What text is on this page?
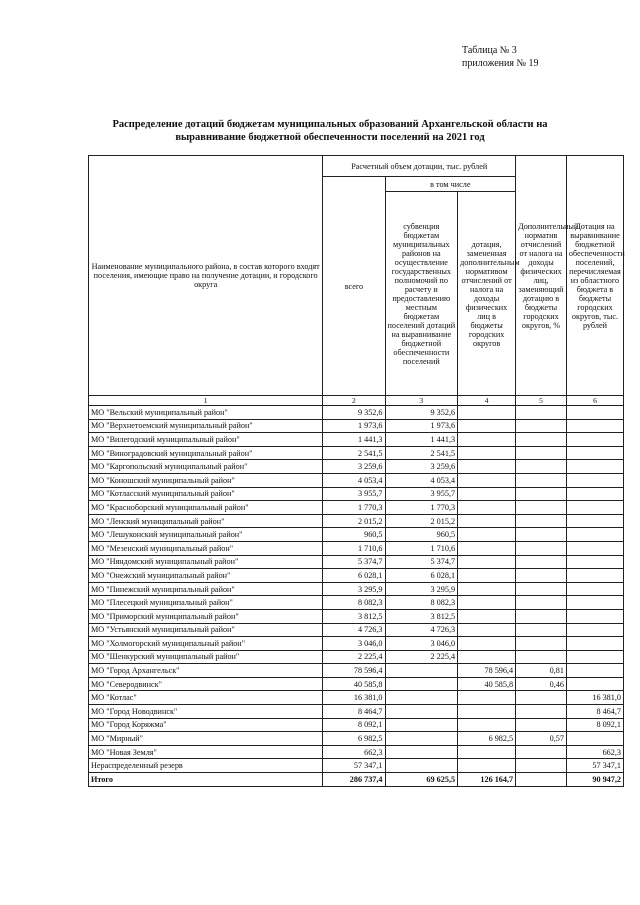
Таблица № 3
приложения № 19
Распределение дотаций бюджетам муниципальных образований Архангельской области на выравнивание бюджетной обеспеченности поселений на 2021 год
Наименование муниципального района, в состав которого входят поселения, имеющие право на получение дотации, и городского округа	Расчетный объем дотации, тыс. рублей			Дополнительный норматив отчислений от налога на доходы физических лиц, заменяющий дотацию в бюджеты городских округов, %	Дотация на выравнивание бюджетной обеспеченности поселений, перечисляемая из областного бюджета в бюджеты городских округов, тыс. рублей
	всего	в том числе			
		субвенция бюджетам муниципальных районов на осуществление государственных полномочий по расчету и предоставлению местным бюджетам поселений дотаций на выравнивание бюджетной обеспеченности поселений	дотация, замененная дополнительным нормативом отчислений от налога на доходы физических лиц в бюджеты городских округов		
1	2	3	4	5	6
МО "Вельский муниципальный район"	9 352,6	9 352,6			
МО "Верхнетоемский муниципальный район"	1 973,6	1 973,6			
МО "Вилегодский муниципальный район"	1 441,3	1 441,3			
МО "Виноградовский муниципальный район"	2 541,5	2 541,5			
МО "Каргопольский муниципальный район"	3 259,6	3 259,6			
МО "Коношский муниципальный район"	4 053,4	4 053,4			
МО "Котласский муниципальный район"	3 955,7	3 955,7			
МО "Красноборский муниципальный район"	1 770,3	1 770,3			
МО "Ленский муниципальный район"	2 015,2	2 015,2			
МО "Лешуконский муниципальный район"	960,5	960,5			
МО "Мезенский муниципальный район"	1 710,6	1 710,6			
МО "Няндомский муниципальный район"	5 374,7	5 374,7			
МО "Онежский муниципальный район"	6 028,1	6 028,1			
МО "Пинежский муниципальный район"	3 295,9	3 295,9			
МО "Плесецкий муниципальный район"	8 082,3	8 082,3			
МО "Приморский муниципальный район"	3 812,5	3 812,5			
МО "Устьянский муниципальный район"	4 726,3	4 726,3			
МО "Холмогорский муниципальный район"	3 046,0	3 046,0			
МО "Шенкурский муниципальный район"	2 225,4	2 225,4			
МО "Город Архангельск"	78 596,4		78 596,4	0,81	
МО "Северодвинск"	40 585,8		40 585,8	0,46	
МО "Котлас"	16 381,0				16 381,0
МО "Город Новодвинск"	8 464,7				8 464,7
МО "Город Коряжма"	8 092,1				8 092,1
МО "Мирный"	6 982,5		6 982,5	0,57	
МО "Новая Земля"	662,3				662,3
Нераспределенный резерв	57 347,1				57 347,1
Итого	286 737,4	69 625,5	126 164,7		90 947,2
